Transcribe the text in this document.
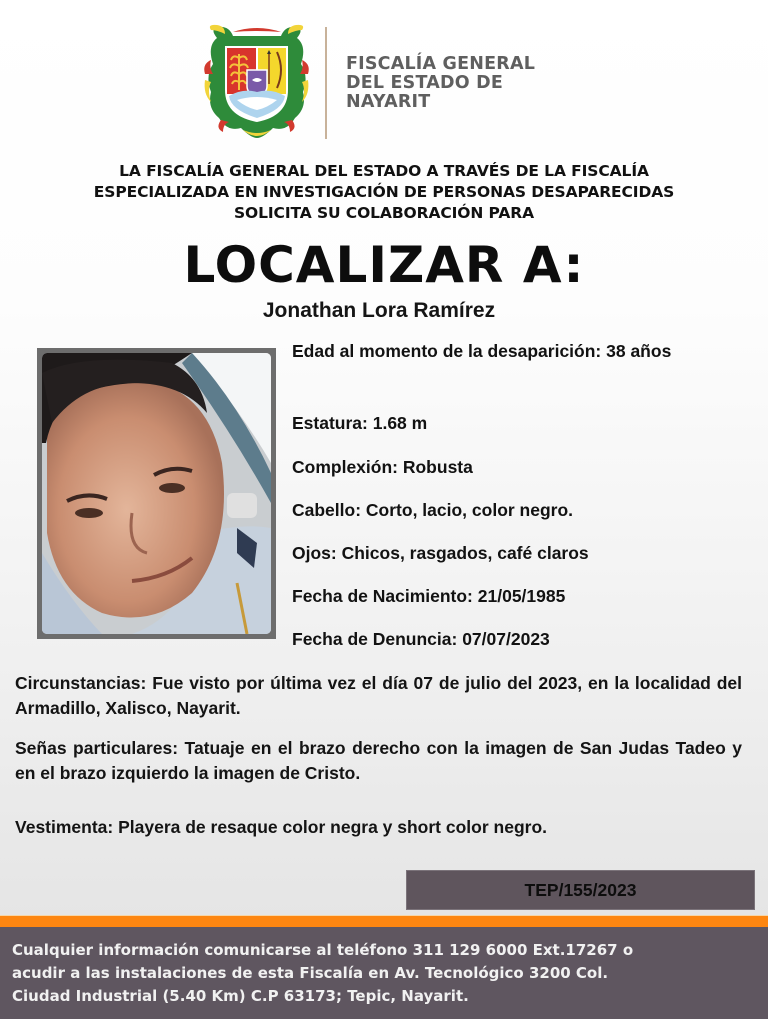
FISCALÍA GENERAL
DEL ESTADO DE
NAYARIT
LA FISCALÍA GENERAL DEL ESTADO A TRAVÉS DE LA FISCALÍA
ESPECIALIZADA EN INVESTIGACIÓN DE PERSONAS DESAPARECIDAS
SOLICITA SU COLABORACIÓN PARA
LOCALIZAR A:
Jonathan Lora Ramírez
Edad al momento de la desaparición: 38 años
Estatura: 1.68 m
Complexión: Robusta
Cabello: Corto, lacio, color negro.
Ojos: Chicos, rasgados, café claros
Fecha de Nacimiento: 21/05/1985
Fecha de Denuncia: 07/07/2023
Circunstancias: Fue visto por última vez el día 07 de julio del 2023, en la localidad del Armadillo, Xalisco, Nayarit.
Señas particulares: Tatuaje en el brazo derecho con la imagen de San Judas Tadeo y en el brazo izquierdo la imagen de Cristo.
Vestimenta: Playera de resaque color negra y short color negro.
TEP/155/2023
Cualquier información comunicarse al teléfono 311 129 6000 Ext.17267 o
acudir a las instalaciones de esta Fiscalía en Av. Tecnológico 3200 Col.
Ciudad Industrial (5.40 Km) C.P 63173; Tepic, Nayarit.
